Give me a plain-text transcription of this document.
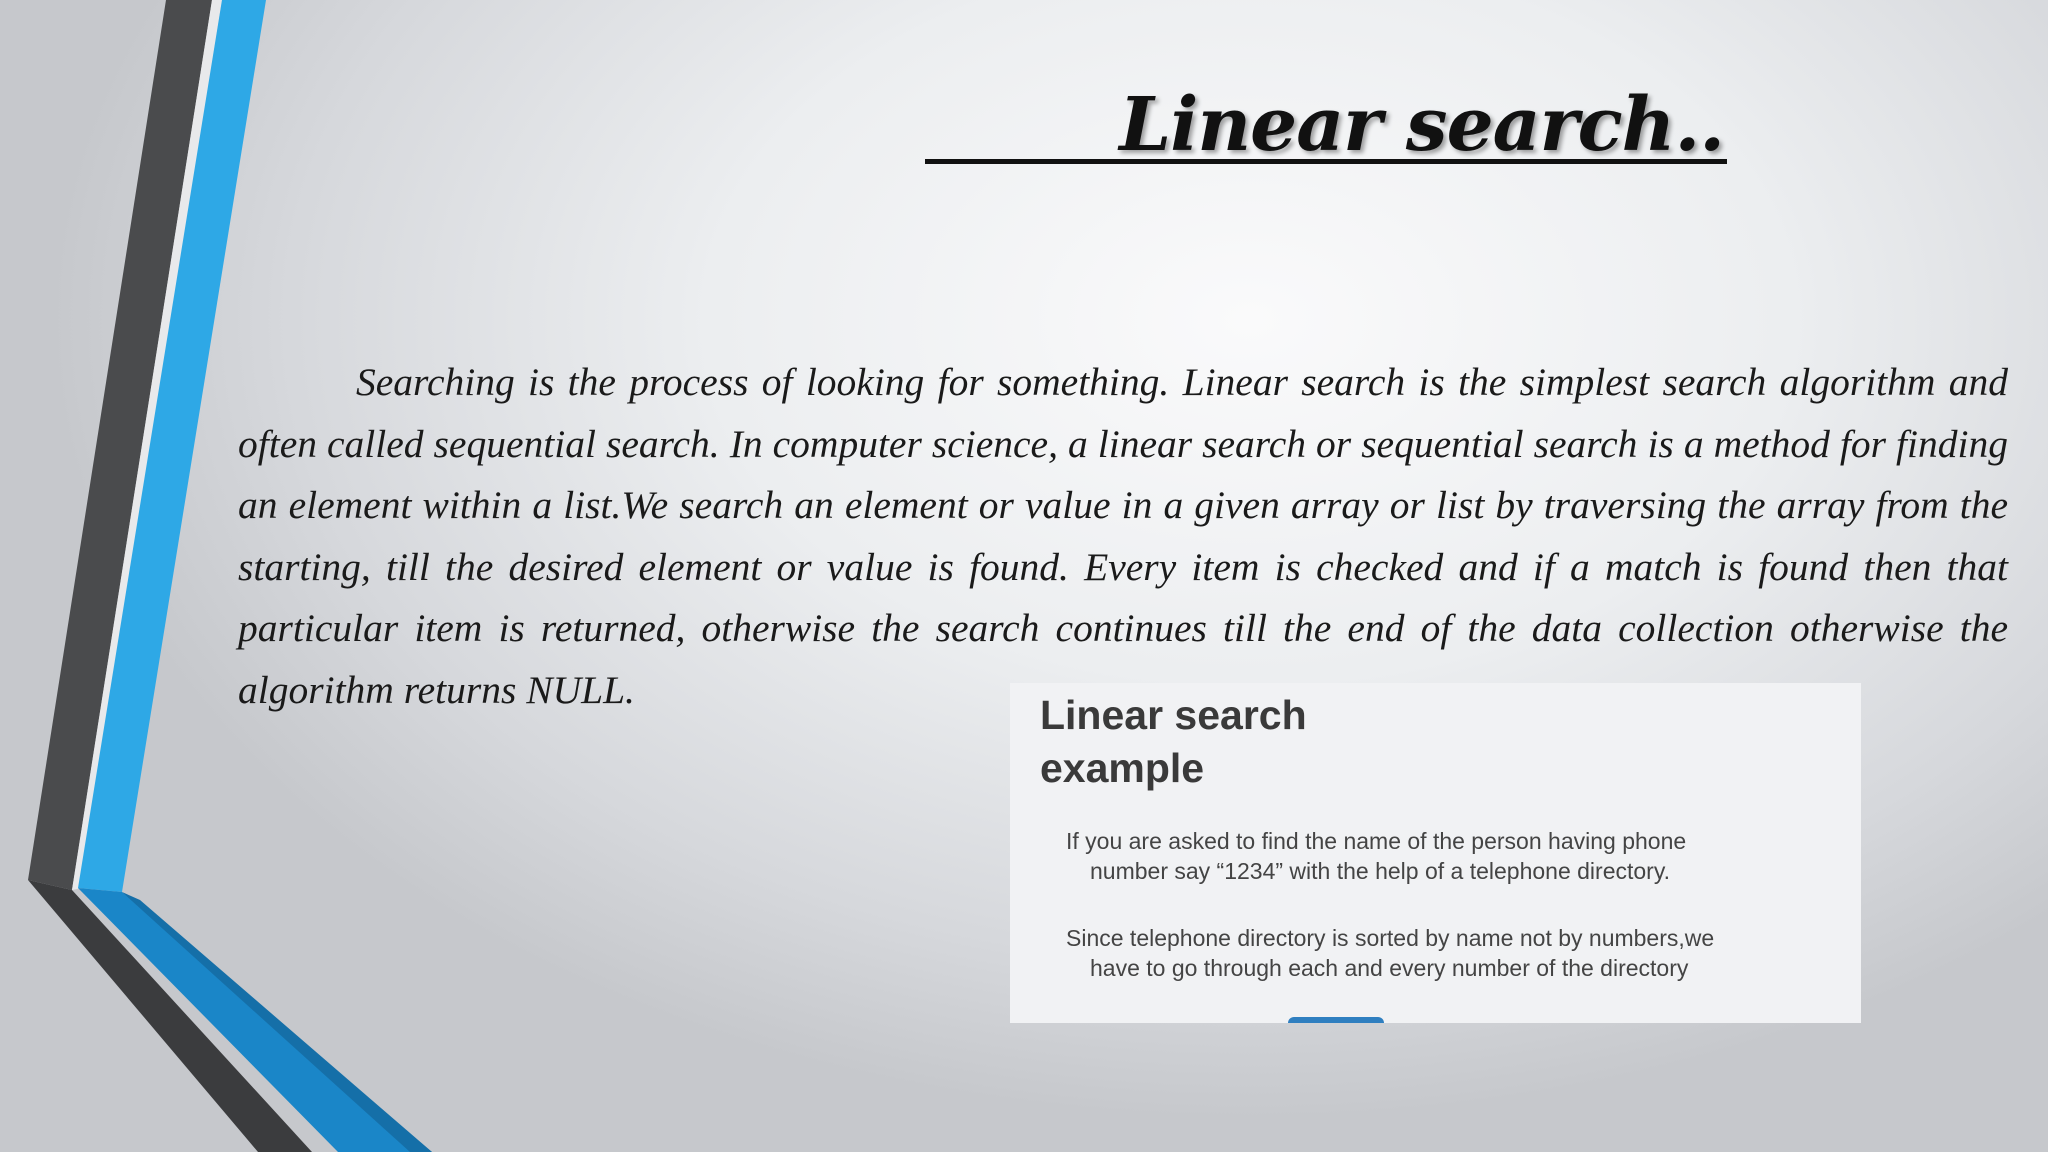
Linear search..

Searching is the process of looking for something. Linear search is the simplest search algorithm and often called sequential search. In computer science, a linear search or sequential search is a method for finding an element within a list.We search an element or value in a given array or list by traversing the array from the starting, till the desired element or value is found. Every item is checked and if a match is found then that particular item is returned, otherwise the search continues till the end of the data collection otherwise the algorithm returns NULL.

Linear search example

If you are asked to find the name of the person having phone number say “1234” with the help of a telephone directory.

Since telephone directory is sorted by name not by numbers,we have to go through each and every number of the directory
